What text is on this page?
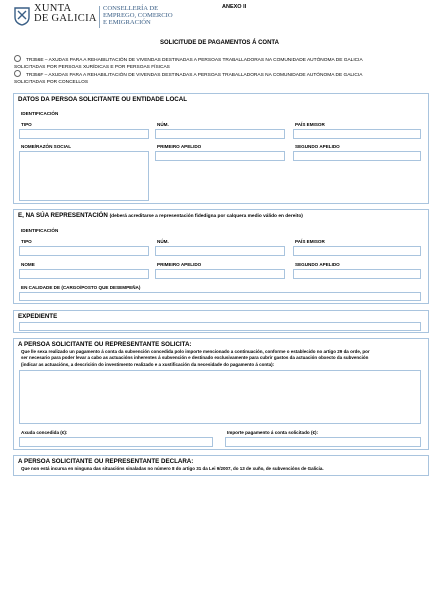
XUNTA
DE GALICIA
CONSELLERÍA DE
EMPREGO, COMERCIO
E EMIGRACIÓN
ANEXO II
SOLICITUDE DE PAGAMENTOS Á CONTA
TR356E – AXUDAS PARA A REHABILITACIÓN DE VIVENDAS DESTINADAS A PERSOAS TRABALLADORAS NA COMUNIDADE AUTÓNOMA DE GALICIA
SOLICITADAS POR PERSOAS XURÍDICAS E POR PERSOAS FÍSICAS
TR356F – AXUDAS PARA A REHABILITACIÓN DE VIVENDAS DESTINADAS A PERSOAS TRABALLADORAS NA COMUNIDADE AUTÓNOMA DE GALICIA
SOLICITADAS POR CONCELLOS
DATOS DA PERSOA SOLICITANTE OU ENTIDADE LOCAL
IDENTIFICACIÓN
TIPO	NÚM.	PAÍS EMISOR
NOME/RAZÓN SOCIAL	PRIMEIRO APELIDO	SEGUNDO APELIDO
E, NA SÚA REPRESENTACIÓN (deberá acreditarse a representación fidedigna por calquera medio válido en dereito)
IDENTIFICACIÓN
TIPO	NÚM.	PAÍS EMISOR
NOME	PRIMEIRO APELIDO	SEGUNDO APELIDO
EN CALIDADE DE (CARGO/POSTO QUE DESEMPEÑA)
EXPEDIENTE
A PERSOA SOLICITANTE OU REPRESENTANTE SOLICITA:
Que lle sexa realizado un pagamento á conta da subvención concedida polo importe mencionado a continuación, conforme o establecido no artigo 29 da orde, por
ser necesario para poder levar a cabo as actuacións inherentes á subvención e destinado exclusivamente para cubrir gastos da actuación obxecto da subvención
(indicar as actuacións, a descrición do investimento realizado e a xustificación da necesidade do pagamento á conta):
Axuda concedida (€):	Importe pagamento á conta solicitado (€):
A PERSOA SOLICITANTE OU REPRESENTANTE DECLARA:
Que non está incursa en ninguna das situacións sinaladas no número 8 do artigo 31 da Lei 9/2007, do 13 de xuño, de subvencións de Galicia.
